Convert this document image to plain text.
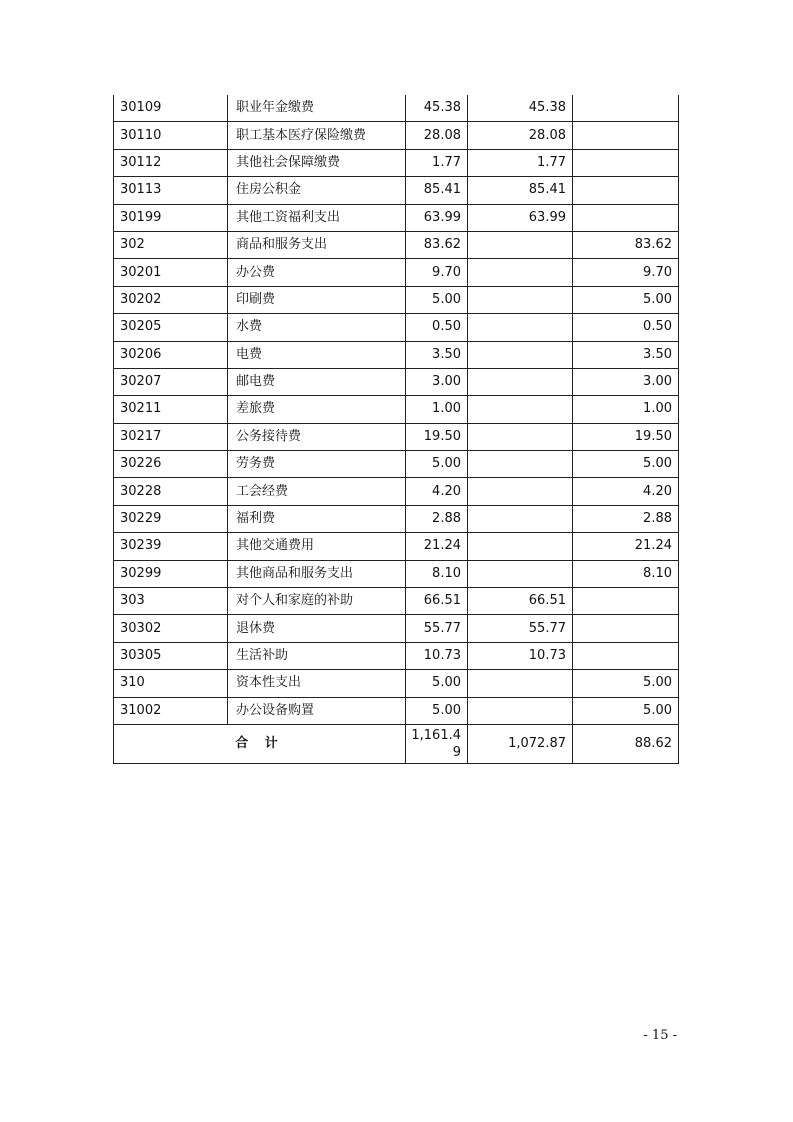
30109	职业年金缴费	45.38	45.38	
30110	职工基本医疗保险缴费	28.08	28.08	
30112	其他社会保障缴费	1.77	1.77	
30113	住房公积金	85.41	85.41	
30199	其他工资福利支出	63.99	63.99	
302	商品和服务支出	83.62		83.62
30201	办公费	9.70		9.70
30202	印刷费	5.00		5.00
30205	水费	0.50		0.50
30206	电费	3.50		3.50
30207	邮电费	3.00		3.00
30211	差旅费	1.00		1.00
30217	公务接待费	19.50		19.50
30226	劳务费	5.00		5.00
30228	工会经费	4.20		4.20
30229	福利费	2.88		2.88
30239	其他交通费用	21.24		21.24
30299	其他商品和服务支出	8.10		8.10
303	对个人和家庭的补助	66.51	66.51	
30302	退休费	55.77	55.77	
30305	生活补助	10.73	10.73	
310	资本性支出	5.00		5.00
31002	办公设备购置	5.00		5.00
合 计		1,161.49	1,072.87	88.62
- 15 -
